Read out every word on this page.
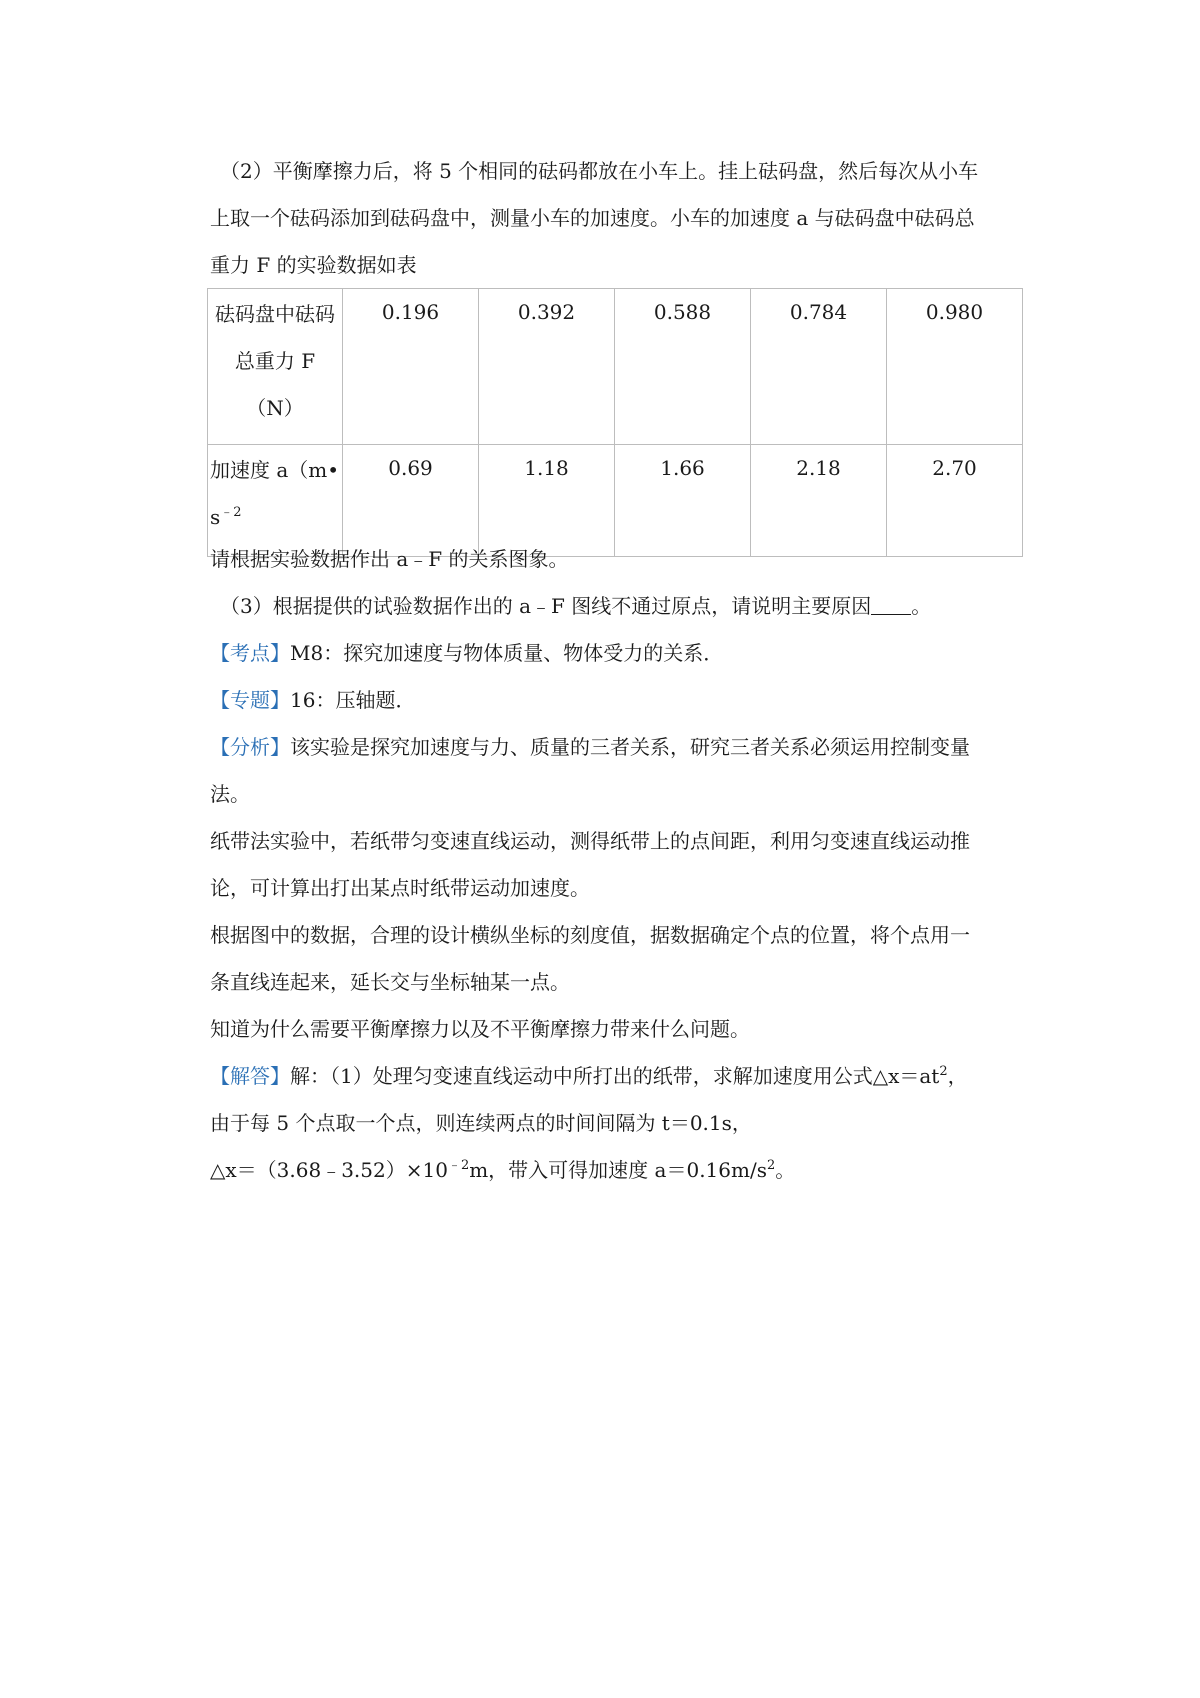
（2）平衡摩擦力后，将 5 个相同的砝码都放在小车上。挂上砝码盘，然后每次从小车
上取一个砝码添加到砝码盘中，测量小车的加速度。小车的加速度 a 与砝码盘中砝码总
重力 F 的实验数据如表
砝码盘中砝码
总重力 F
（N）	0.196	0.392	0.588	0.784	0.980

加速度 a（m•
$s^{﹣2}$	0.69	1.18	1.66	2.18	2.70
请根据实验数据作出 a﹣F 的关系图象。
（3）根据提供的试验数据作出的 a﹣F 图线不通过原点，请说明主要原因 。
【考点】M8：探究加速度与物体质量、物体受力的关系．
【专题】16：压轴题．
【分析】该实验是探究加速度与力、质量的三者关系，研究三者关系必须运用控制变量
法。
纸带法实验中，若纸带匀变速直线运动，测得纸带上的点间距，利用匀变速直线运动推
论，可计算出打出某点时纸带运动加速度。
根据图中的数据，合理的设计横纵坐标的刻度值，据数据确定个点的位置，将个点用一
条直线连起来，延长交与坐标轴某一点。
知道为什么需要平衡摩擦力以及不平衡摩擦力带来什么问题。
【解答】解：（1）处理匀变速直线运动中所打出的纸带，求解加速度用公式$\triangle x=at^2$，
由于每 5 个点取一个点，则连续两点的时间间隔为 t＝0.1s，
$\triangle x=(3.68﹣3.52)\times 10^{﹣2}m$，带入可得加速度 $a=0.16m/s^2$。
